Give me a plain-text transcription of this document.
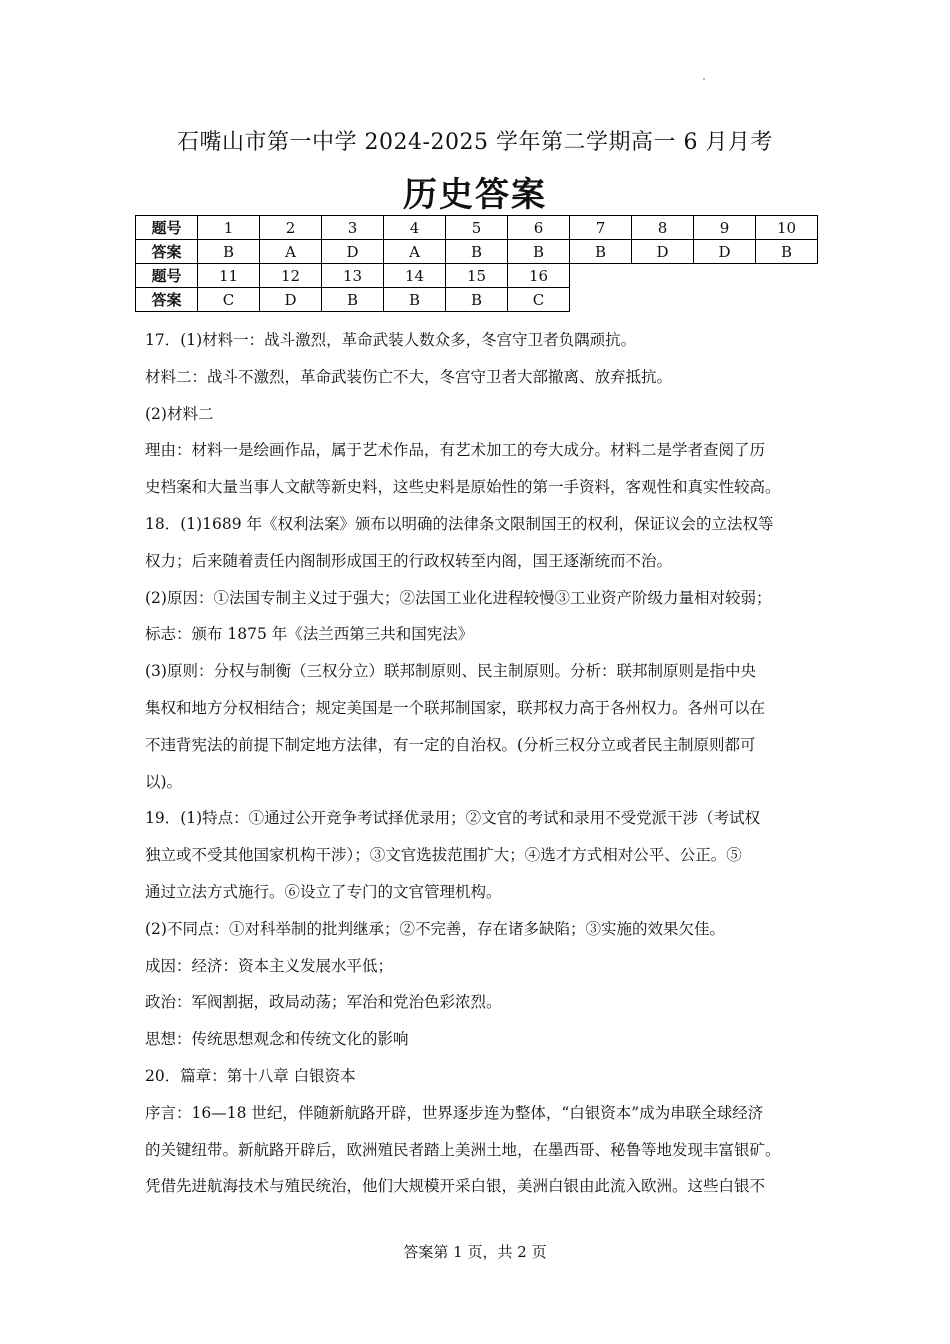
石嘴山市第一中学 2024-2025 学年第二学期高一 6 月月考
历史答案
题号	1	2	3	4	5	6	7	8	9	10
答案	B	A	D	A	B	B	B	D	D	B
题号	11	12	13	14	15	16				
答案	C	D	B	B	B	C				

17．(1)材料一：战斗激烈，革命武装人数众多，冬宫守卫者负隅顽抗。

材料二：战斗不激烈，革命武装伤亡不大，冬宫守卫者大部撤离、放弃抵抗。

(2)材料二

理由：材料一是绘画作品，属于艺术作品，有艺术加工的夸大成分。材料二是学者查阅了历

史档案和大量当事人文献等新史料，这些史料是原始性的第一手资料，客观性和真实性较高。

18．(1)1689 年《权利法案》颁布以明确的法律条文限制国王的权利，保证议会的立法权等

权力；后来随着责任内阁制形成国王的行政权转至内阁，国王逐渐统而不治。

(2)原因：①法国专制主义过于强大；②法国工业化进程较慢③工业资产阶级力量相对较弱；

标志：颁布 1875 年《法兰西第三共和国宪法》

(3)原则：分权与制衡（三权分立）联邦制原则、民主制原则。分析：联邦制原则是指中央

集权和地方分权相结合；规定美国是一个联邦制国家，联邦权力高于各州权力。各州可以在

不违背宪法的前提下制定地方法律，有一定的自治权。(分析三权分立或者民主制原则都可

以)。

19．(1)特点：①通过公开竞争考试择优录用；②文官的考试和录用不受党派干涉（考试权

独立或不受其他国家机构干涉）；③文官选拔范围扩大；④选才方式相对公平、公正。⑤

通过立法方式施行。⑥设立了专门的文官管理机构。

(2)不同点：①对科举制的批判继承；②不完善，存在诸多缺陷；③实施的效果欠佳。

成因：经济：资本主义发展水平低；

政治：军阀割据，政局动荡；军治和党治色彩浓烈。

思想：传统思想观念和传统文化的影响

20．篇章：第十八章 白银资本

序言：16—18 世纪，伴随新航路开辟，世界逐步连为整体，“白银资本”成为串联全球经济

的关键纽带。新航路开辟后，欧洲殖民者踏上美洲土地，在墨西哥、秘鲁等地发现丰富银矿。

凭借先进航海技术与殖民统治，他们大规模开采白银，美洲白银由此流入欧洲。这些白银不

答案第 1 页，共 2 页
